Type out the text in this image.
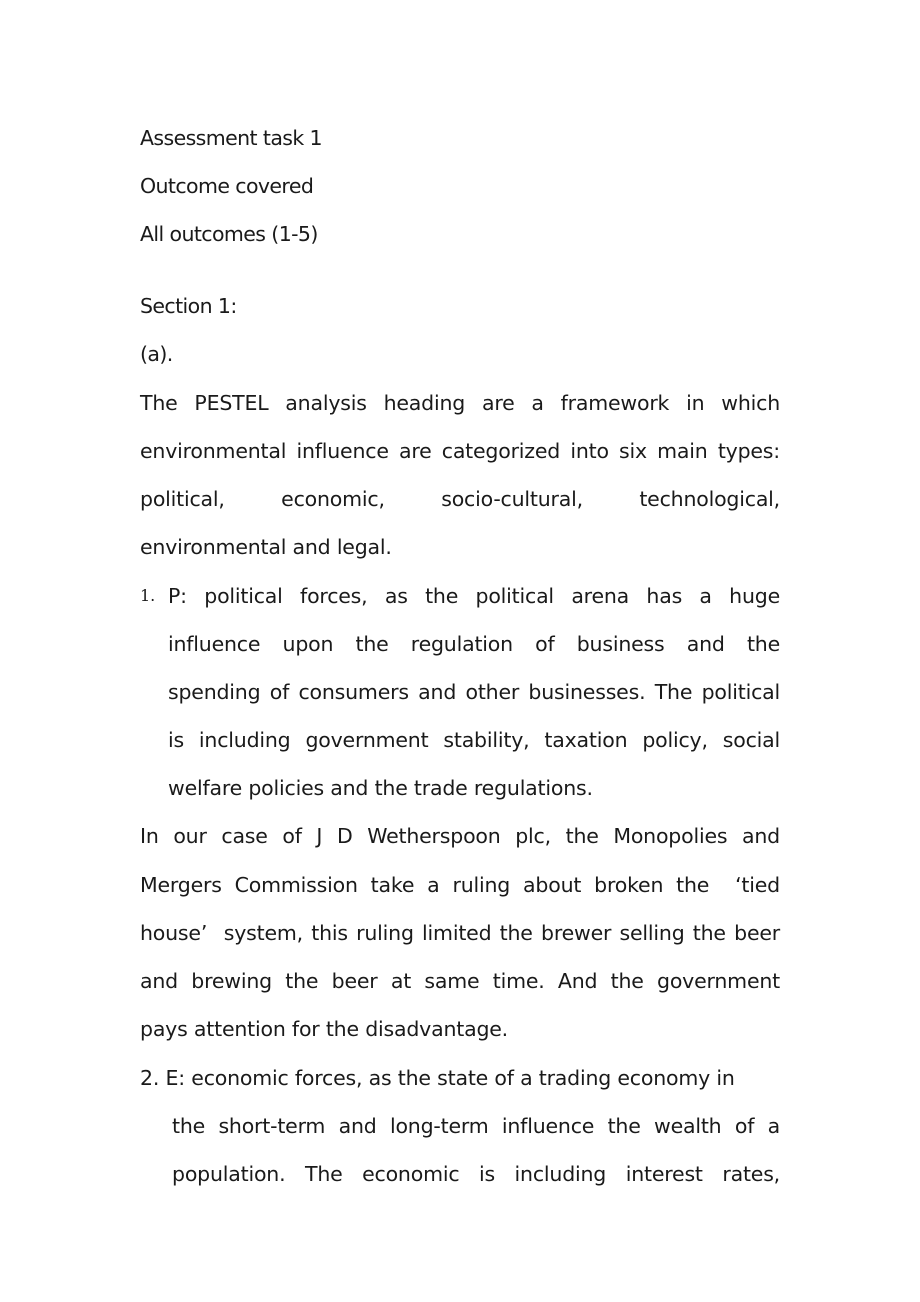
Assessment task 1
Outcome covered
All outcomes (1-5)
Section 1:
(a).
The PESTEL analysis heading are a framework in which
environmental influence are categorized into six main types:
political, economic, socio-cultural, technological,
environmental and legal.
1. P: political forces, as the political arena has a huge
influence upon the regulation of business and the
spending of consumers and other businesses. The political
is including government stability, taxation policy, social
welfare policies and the trade regulations.
In our case of J D Wetherspoon plc, the Monopolies and
Mergers Commission take a ruling about broken the  ‘tied
house’  system, this ruling limited the brewer selling the beer
and brewing the beer at same time. And the government
pays attention for the disadvantage.
2. E: economic forces, as the state of a trading economy in
the short-term and long-term influence the wealth of a
population. The economic is including interest rates,
